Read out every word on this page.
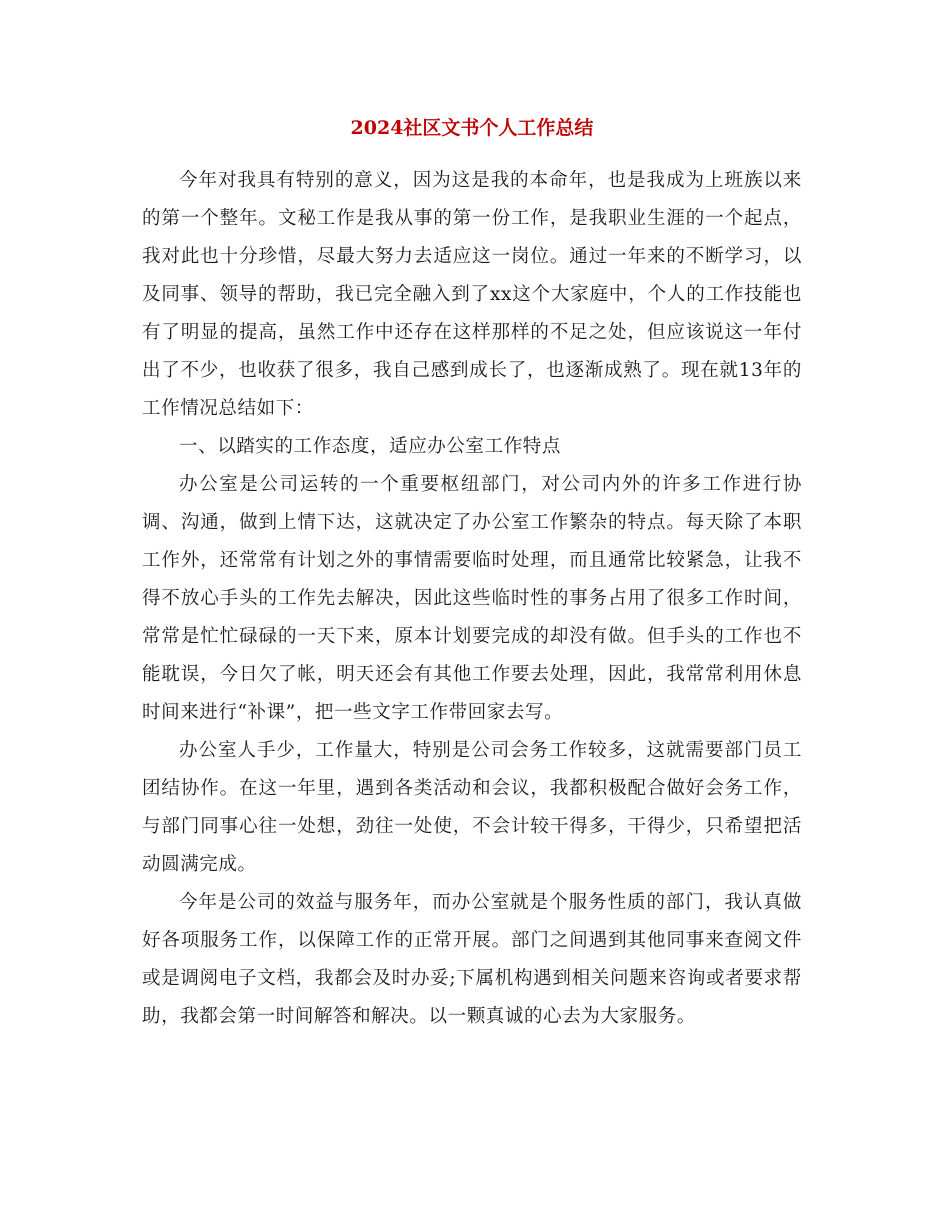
2024社区文书个人工作总结

今年对我具有特别的意义，因为这是我的本命年，也是我成为上班族以来的第一个整年。文秘工作是我从事的第一份工作，是我职业生涯的一个起点，我对此也十分珍惜，尽最大努力去适应这一岗位。通过一年来的不断学习，以及同事、领导的帮助，我已完全融入到了xx这个大家庭中，个人的工作技能也有了明显的提高，虽然工作中还存在这样那样的不足之处，但应该说这一年付出了不少，也收获了很多，我自己感到成长了，也逐渐成熟了。现在就13年的工作情况总结如下：

一、以踏实的工作态度，适应办公室工作特点

办公室是公司运转的一个重要枢纽部门，对公司内外的许多工作进行协调、沟通，做到上情下达，这就决定了办公室工作繁杂的特点。每天除了本职工作外，还常常有计划之外的事情需要临时处理，而且通常比较紧急，让我不得不放心手头的工作先去解决，因此这些临时性的事务占用了很多工作时间，常常是忙忙碌碌的一天下来，原本计划要完成的却没有做。但手头的工作也不能耽误，今日欠了帐，明天还会有其他工作要去处理，因此，我常常利用休息时间来进行“补课”，把一些文字工作带回家去写。

办公室人手少，工作量大，特别是公司会务工作较多，这就需要部门员工团结协作。在这一年里，遇到各类活动和会议，我都积极配合做好会务工作，与部门同事心往一处想，劲往一处使，不会计较干得多，干得少，只希望把活动圆满完成。

今年是公司的效益与服务年，而办公室就是个服务性质的部门，我认真做好各项服务工作，以保障工作的正常开展。部门之间遇到其他同事来查阅文件或是调阅电子文档，我都会及时办妥;下属机构遇到相关问题来咨询或者要求帮助，我都会第一时间解答和解决。以一颗真诚的心去为大家服务。
